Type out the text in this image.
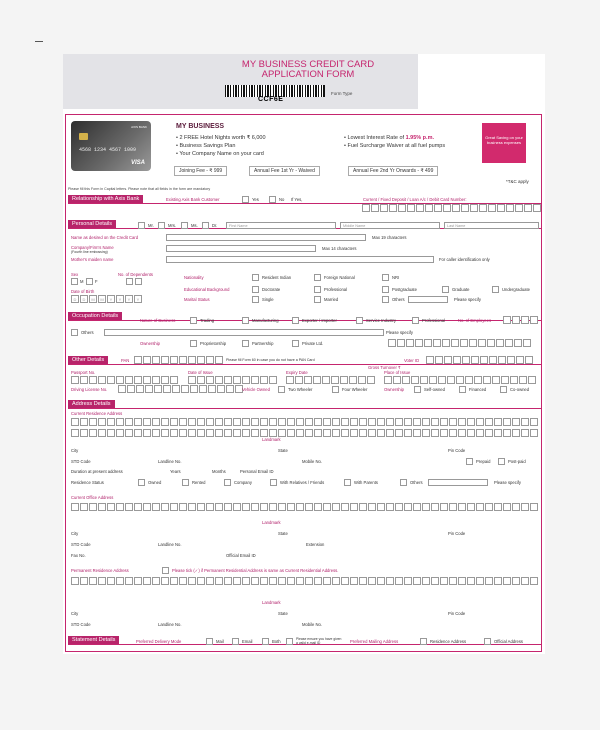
MY BUSINESS CREDIT CARD
APPLICATION FORM
CCF6E
Form Type
AXIS BANK
4568 1234 4567 1009
VISA
MY BUSINESS
• 2 FREE Hotel Nights worth ₹ 6,000
• Business Savings Plan
• Your Company Name on your card
• Lowest Interest Rate of 1.95% p.m.
• Fuel Surcharge Waiver at all fuel pumps
Great Saving on your business expenses
Joining Fee - ₹ 999	Annual Fee 1st Yr - Waived	Annual Fee 2nd Yr Onwards - ₹ 499
*T&C apply
Please fill this Form in Capital letters. Please note that all fields in the form are mandatory
Relationship with Axis Bank	Existing Axis Bank Customer	Yes	No If Yes,	Current / Fixed Deposit / Loan A/c / Debit Card Number:
Personal Details	Mr.	Mrs.	Ms.	Dr.	First Name	Middle Name	Last Name
Name as desired on the Credit Card	Max 19 characters
Company/Firm's Name
(Fourth line embossing)
Max 14 characters
Mother's maiden name	For caller identification only
Sex
M	F
No. of Dependents
Date of Birth
D	D	M	M	Y	Y	Y	Y
Nationality	Resident Indian	Foreign National	NRI
Educational Background	Doctorate	Professional	Postgraduate	Graduate	Undergraduate
Marital Status	Single	Married	Others	Please specify
Occupation Details
Nature of Business	Trading	Manufacturing	Exporter / Importer	Service Industry	Professional	No. of Employees
Others	Please specify
Ownership	Proprietorship	Partnership	Private Ltd.
Other Details	PAN	Please fill Form 60 in case you do not have a PAN Card	Voter ID
Passport No.	Date of Issue	Expiry Date	Place of Issue
Gross Turnover ₹
Driving License No.	Vehicle Owned	Two Wheeler	Four Wheeler	Ownership	Self-owned	Financed	Co-owned
Address Details
Current Residence Address
Landmark
City	State	Pin Code
STD Code	Landline No.	Mobile No.	Prepaid	Post-paid
Duration at present address	Years	Months	Personal Email ID
Residence Status	Owned	Rented	Company	With Relatives / Friends	With Parents	Others	Please specify
Current Office Address
Landmark
City	State	Pin Code
STD Code	Landline No.	Extension
Fax No.	Official Email ID
Permanent Residence Address	Please tick (✓) if Permanent Residential Address is same as Current Residential Address.
Landmark
City	State	Pin Code
STD Code	Landline No.	Mobile No.
Statement Details	Preferred Delivery Mode	Mail	Email	Both	Please ensure you have given a valid e-mail ID	Preferred Mailing Address	Residence Address	Official Address
